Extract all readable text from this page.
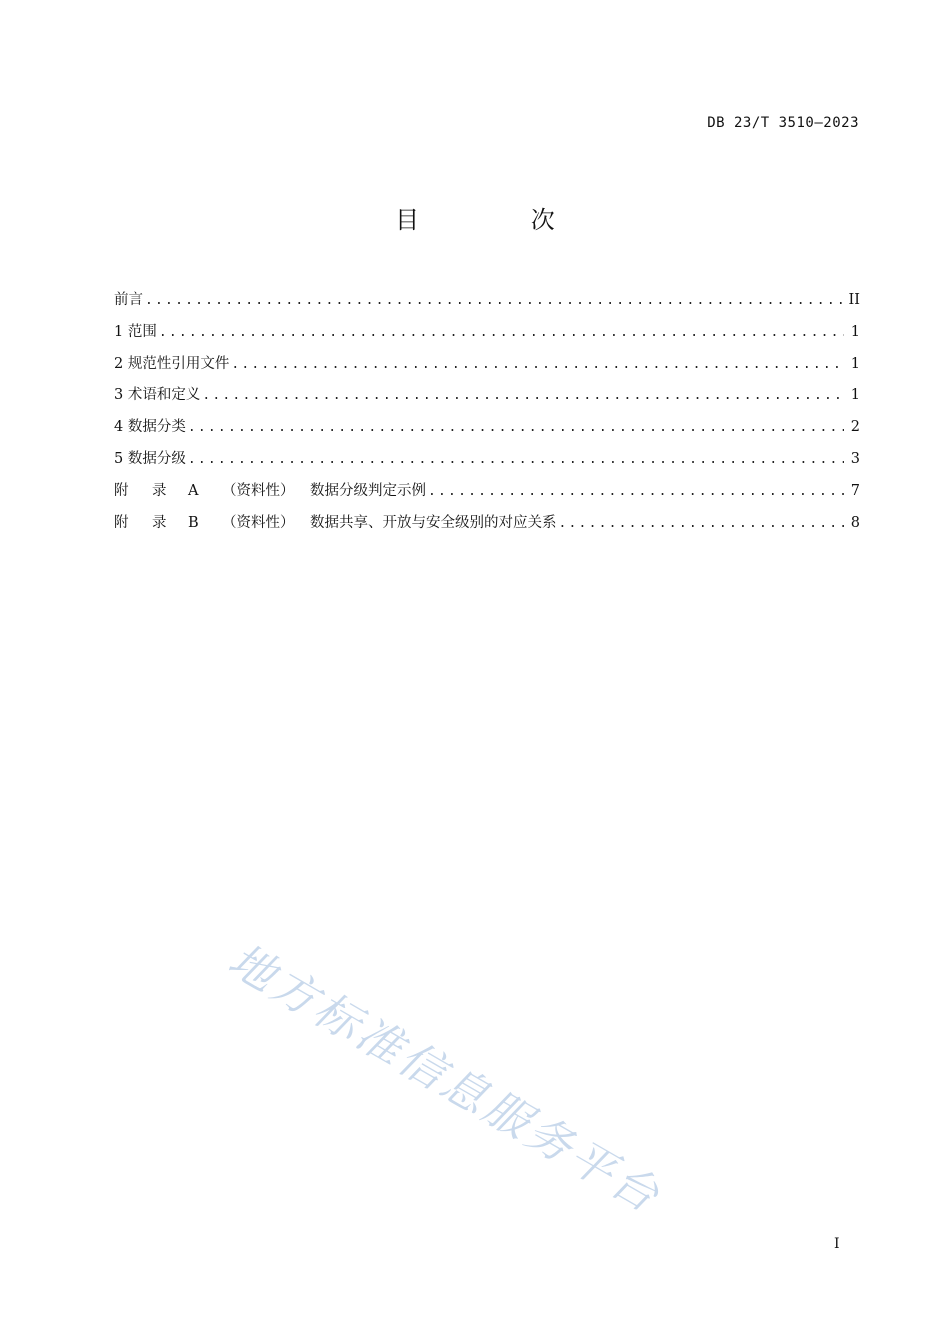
DB 23/T 3510—2023
目 次
前言 .....	II
1 范围 .....	1
2 规范性引用文件 .....	1
3 术语和定义 .....	1
4 数据分类 .....	2
5 数据分级 .....	3
附 录 A （资料性） 数据分级判定示例 .....	7
附 录 B （资料性） 数据共享、开放与安全级别的对应关系 .....	8
地方标准信息服务平台
I
